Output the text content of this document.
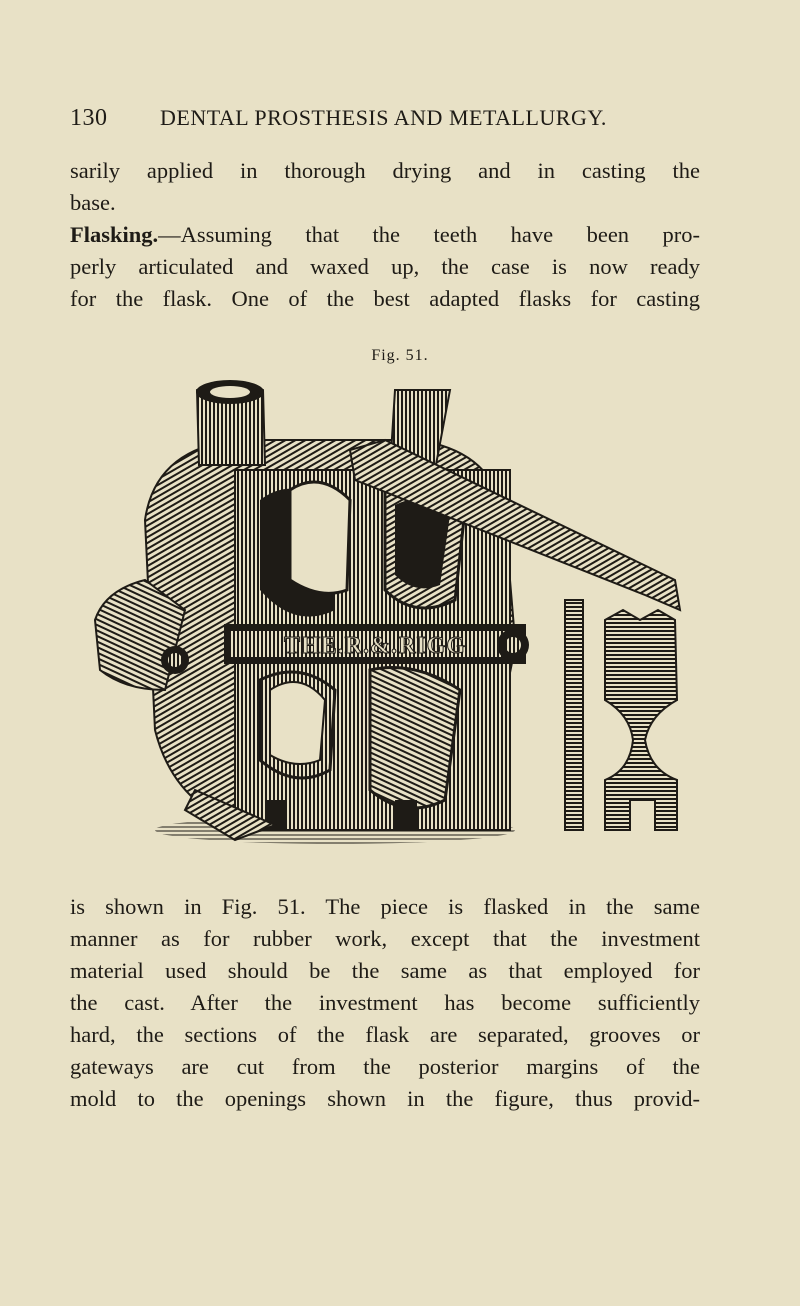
130 DENTAL PROSTHESIS AND METALLURGY.
sarily applied in thorough drying and in casting the
base.
Flasking.—Assuming that the teeth have been pro-
perly articulated and waxed up, the case is now ready
for the flask. One of the best adapted flasks for casting
Fig. 51.
THE.R.&.RIGG
is shown in Fig. 51. The piece is flasked in the same
manner as for rubber work, except that the investment
material used should be the same as that employed for
the cast. After the investment has become sufficiently
hard, the sections of the flask are separated, grooves or
gateways are cut from the posterior margins of the
mold to the openings shown in the figure, thus provid-
